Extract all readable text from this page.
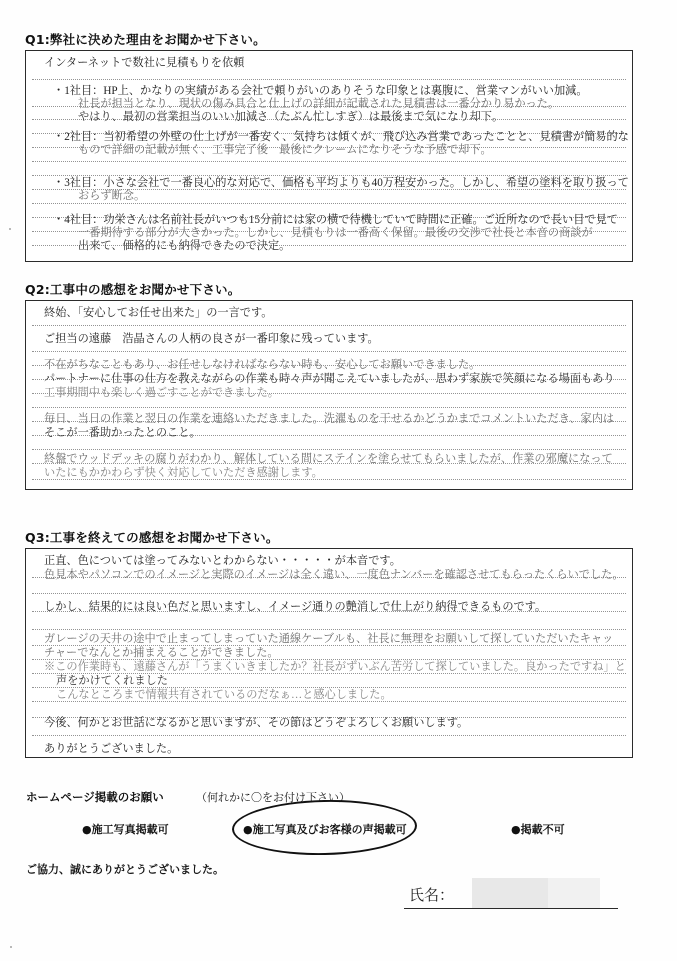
Q1:弊社に決めた理由をお聞かせ下さい。
インターネットで数社に見積もりを依頼
・1社目：HP上、かなりの実績がある会社で頼りがいのありそうな印象とは裏腹に、営業マンがいい加減。
社長が担当となり、現状の傷み具合と仕上げの詳細が記載された見積書は一番分かり易かった。
やはり、最初の営業担当のいい加減さ（たぶん忙しすぎ）は最後まで気になり却下。
・2社目：当初希望の外壁の仕上げが一番安く、気持ちは傾くが、飛び込み営業であったことと、見積書が簡易的な
もので詳細の記載が無く、工事完了後　最後にクレームになりそうな予感で却下。
・3社目：小さな会社で一番良心的な対応で、価格も平均よりも40万程安かった。しかし、希望の塗料を取り扱って
おらず断念。
・4社目：功栄さんは名前社長がいつも15分前には家の横で待機していて時間に正確。ご近所なので長い目で見て
一番期待する部分が大きかった。しかし、見積もりは一番高く保留。最後の交渉で社長と本音の商談が
出来て、価格的にも納得できたので決定。
Q2:工事中の感想をお聞かせ下さい。
終始、「安心してお任せ出来た」の一言です。
ご担当の遠藤　浩晶さんの人柄の良さが一番印象に残っています。
不在がちなこともあり、お任せしなければならない時も、安心してお願いできました。
パートナーに仕事の仕方を教えながらの作業も時々声が聞こえていましたが、思わず家族で笑顔になる場面もあり
工事期間中も楽しく過ごすことができました。
毎日、当日の作業と翌日の作業を連絡いただきました。洗濯ものを干せるかどうかまでコメントいただき、家内は
そこが一番助かったとのこと。
終盤でウッドデッキの腐りがわかり、解体している間にステインを塗らせてもらいましたが、作業の邪魔になって
いたにもかかわらず快く対応していただき感謝します。
Q3:工事を終えての感想をお聞かせ下さい。
正直、色については塗ってみないとわからない・・・・・が本音です。
色見本やパソコンでのイメージと実際のイメージは全く違い、一度色ナンバーを確認させてもらったくらいでした。
しかし、結果的には良い色だと思いますし、イメージ通りの艶消しで仕上がり納得できるものです。
ガレージの天井の途中で止まってしまっていた通線ケーブルも、社長に無理をお願いして探していただいたキャッ
チャーでなんとか捕まえることができました。
※この作業時も、遠藤さんが「うまくいきましたか？社長がずいぶん苦労して探していました。良かったですね」と
声をかけてくれました
こんなところまで情報共有されているのだなぁ…と感心しました。
今後、何かとお世話になるかと思いますが、その節はどうぞよろしくお願いします。
ありがとうございました。
ホームページ掲載のお願い	（何れかに〇をお付け下さい）
●施工写真掲載可	●施工写真及びお客様の声掲載可	●掲載不可
ご協力、誠にありがとうございました。
氏名：
